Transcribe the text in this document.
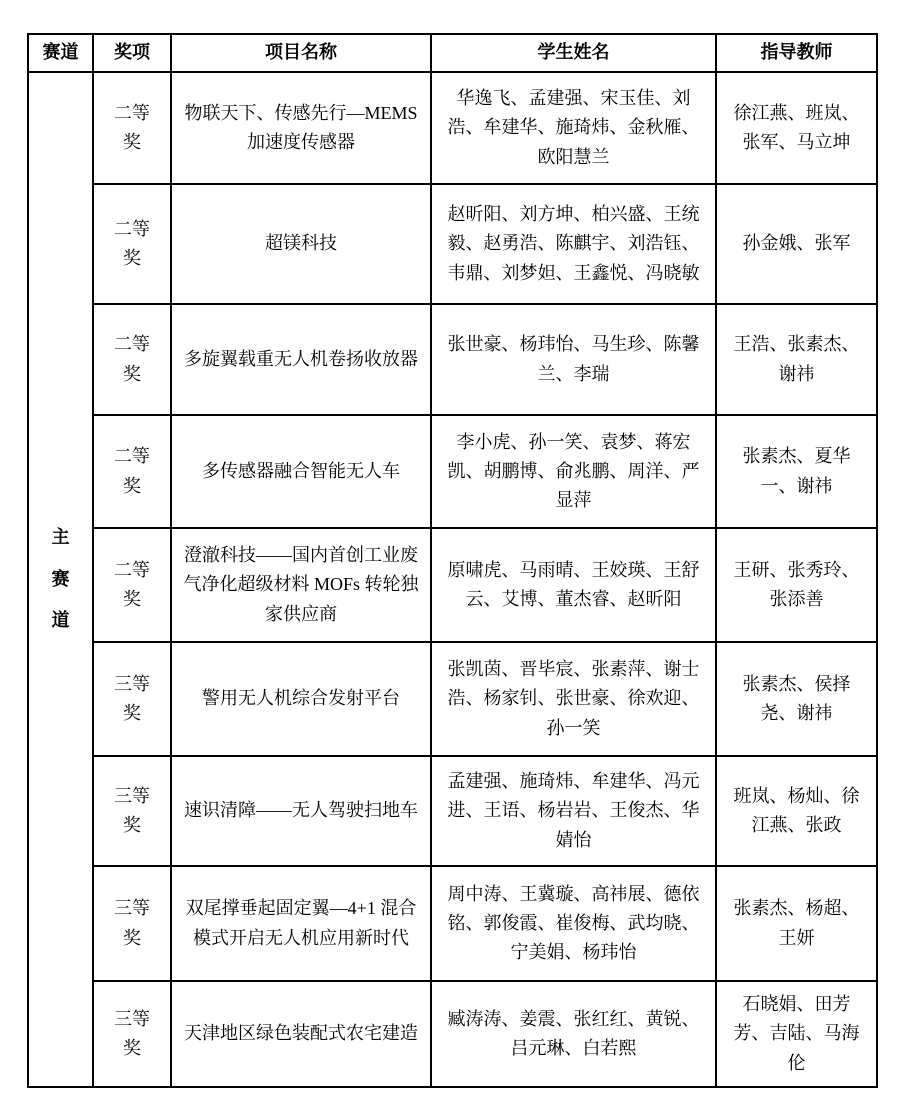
赛道	奖项	项目名称	学生姓名	指导教师
主赛道	二等奖	物联天下、传感先行—MEMS 加速度传感器	华逸飞、孟建强、宋玉佳、刘浩、牟建华、施琦炜、金秋雁、欧阳慧兰	徐江燕、班岚、张军、马立坤
	二等奖	超镁科技	赵昕阳、刘方坤、柏兴盛、王统毅、赵勇浩、陈麒宇、刘浩钰、韦鼎、刘梦妲、王鑫悦、冯晓敏	孙金娥、张军
	二等奖	多旋翼载重无人机卷扬收放器	张世豪、杨玮怡、马生珍、陈馨兰、李瑞	王浩、张素杰、谢祎
	二等奖	多传感器融合智能无人车	李小虎、孙一笑、袁梦、蒋宏凯、胡鹏博、俞兆鹏、周洋、严显萍	张素杰、夏华一、谢祎
	二等奖	澄澈科技——国内首创工业废气净化超级材料 MOFs 转轮独家供应商	原啸虎、马雨晴、王姣瑛、王舒云、艾博、董杰睿、赵昕阳	王研、张秀玲、张添善
	三等奖	警用无人机综合发射平台	张凯茵、晋毕宸、张素萍、谢士浩、杨家钊、张世豪、徐欢迎、孙一笑	张素杰、侯择尧、谢祎
	三等奖	速识清障——无人驾驶扫地车	孟建强、施琦炜、牟建华、冯元进、王语、杨岩岩、王俊杰、华婧怡	班岚、杨灿、徐江燕、张政
	三等奖	双尾撑垂起固定翼—4+1 混合模式开启无人机应用新时代	周中涛、王冀璇、高祎展、德依铭、郭俊霞、崔俊梅、武均晓、宁美娟、杨玮怡	张素杰、杨超、王妍
	三等奖	天津地区绿色装配式农宅建造	臧涛涛、姜震、张红红、黄锐、吕元琳、白若熙	石晓娟、田芳芳、吉陆、马海伦
